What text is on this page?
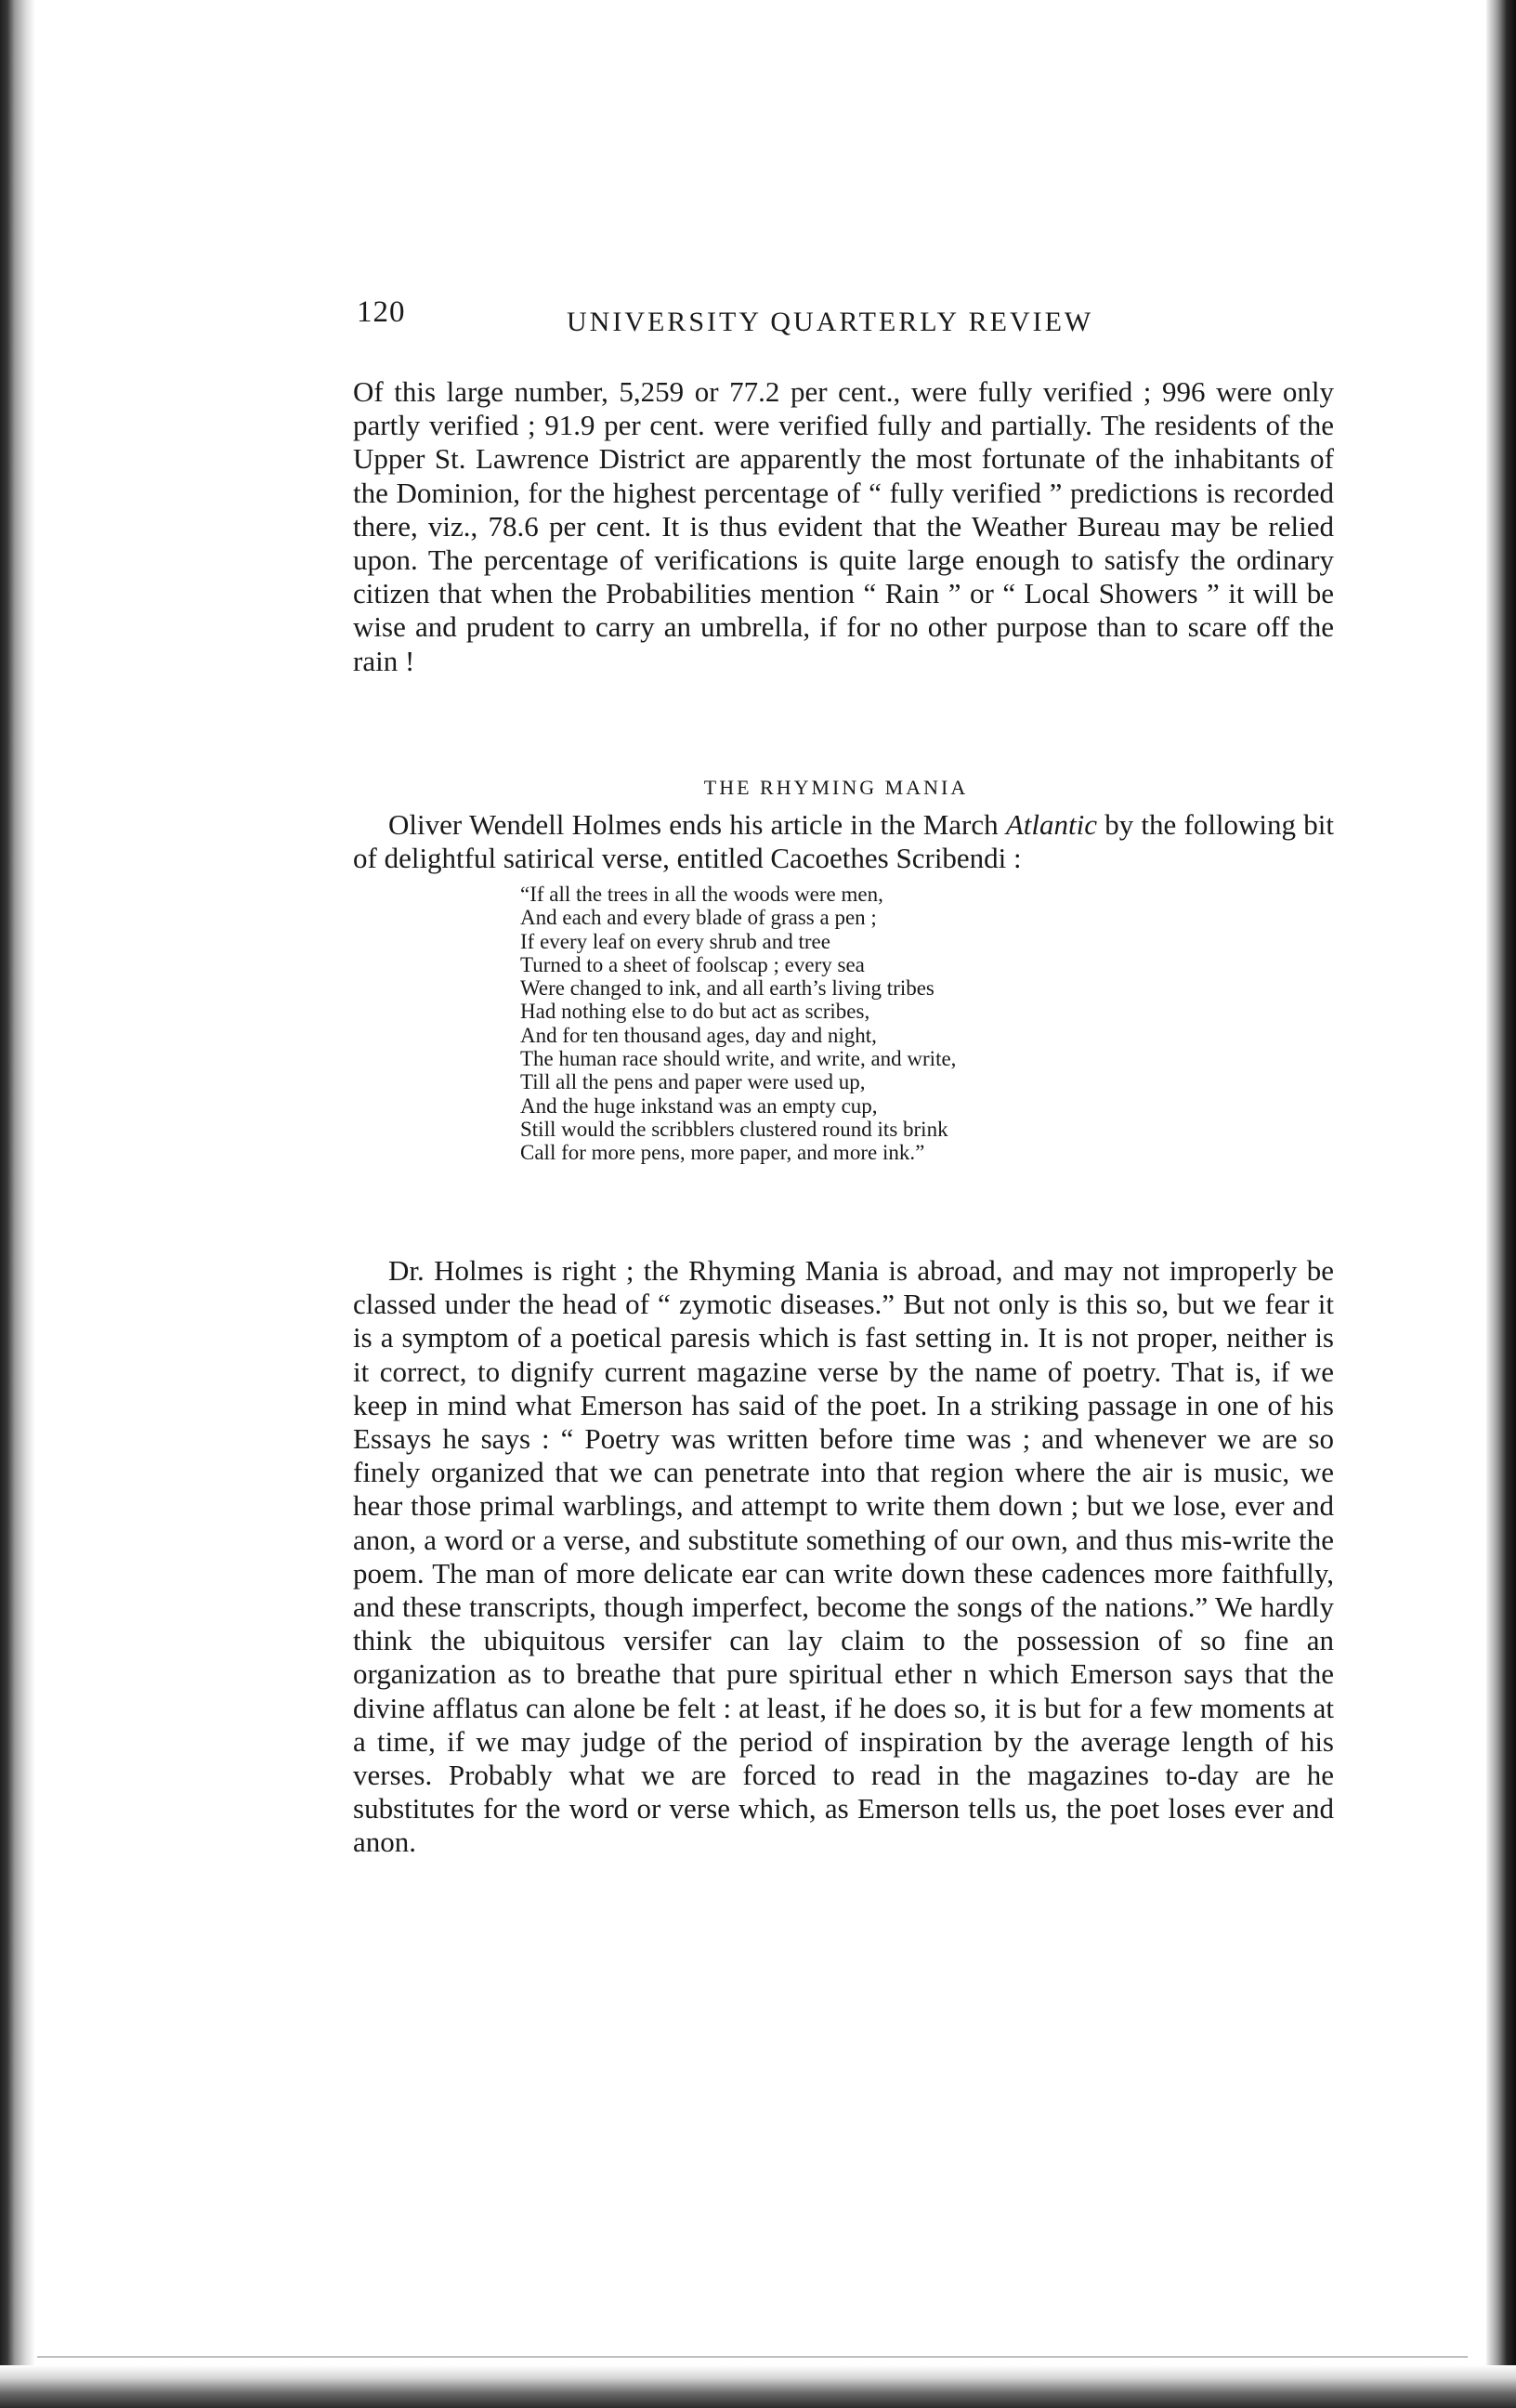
120	UNIVERSITY QUARTERLY REVIEW

Of this large number, 5,259 or 77.2 per cent., were fully verified ; 996 were only partly verified ; 91.9 per cent. were verified fully and partially. The residents of the Upper St. Lawrence District are apparently the most fortunate of the inhabitants of the Dominion, for the highest percentage of “ fully verified ” predictions is recorded there, viz., 78.6 per cent. It is thus evident that the Weather Bureau may be relied upon. The percentage of verifications is quite large enough to satisfy the ordinary citizen that when the Probabilities mention “ Rain ” or “ Local Showers ” it will be wise and prudent to carry an umbrella, if for no other purpose than to scare off the rain !

THE RHYMING MANIA

Oliver Wendell Holmes ends his article in the March Atlantic by the following bit of delightful satirical verse, entitled Cacoethes Scribendi :

“If all the trees in all the woods were men,
And each and every blade of grass a pen ;
If every leaf on every shrub and tree
Turned to a sheet of foolscap ; every sea
Were changed to ink, and all earth’s living tribes
Had nothing else to do but act as scribes,
And for ten thousand ages, day and night,
The human race should write, and write, and write,
Till all the pens and paper were used up,
And the huge inkstand was an empty cup,
Still would the scribblers clustered round its brink
Call for more pens, more paper, and more ink.”

Dr. Holmes is right ; the Rhyming Mania is abroad, and may not improperly be classed under the head of “ zymotic diseases.” But not only is this so, but we fear it is a symptom of a poetical paresis which is fast setting in. It is not proper, neither is it correct, to dignify current magazine verse by the name of poetry. That is, if we keep in mind what Emerson has said of the poet. In a striking passage in one of his Essays he says : “ Poetry was written before time was ; and whenever we are so finely organized that we can penetrate into that region where the air is music, we hear those primal warblings, and attempt to write them down ; but we lose, ever and anon, a word or a verse, and substitute something of our own, and thus mis-write the poem. The man of more delicate ear can write down these cadences more faithfully, and these transcripts, though imperfect, become the songs of the nations.” We hardly think the ubiquitous versifer can lay claim to the possession of so fine an organization as to breathe that pure spiritual ether n which Emerson says that the divine afflatus can alone be felt : at least, if he does so, it is but for a few moments at a time, if we may judge of the period of inspiration by the average length of his verses. Probably what we are forced to read in the magazines to-day are he substitutes for the word or verse which, as Emerson tells us, the poet loses ever and anon.
